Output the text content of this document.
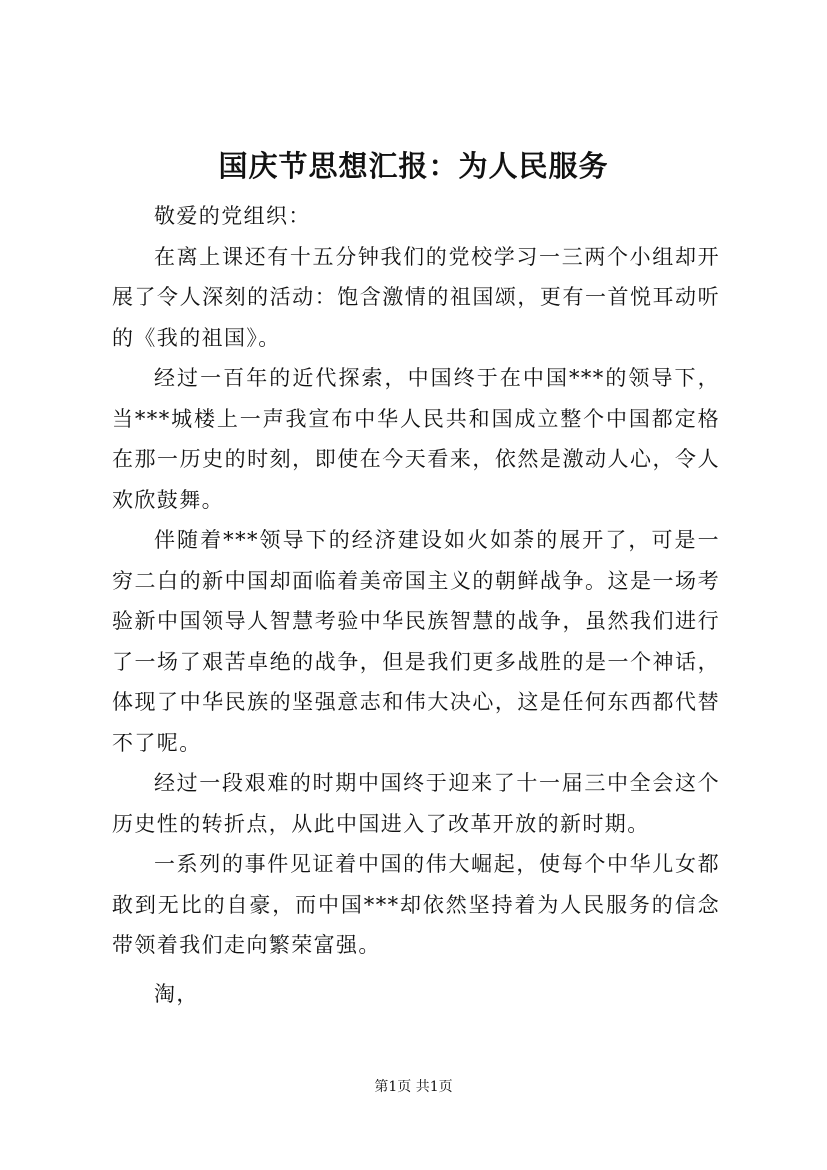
国庆节思想汇报：为人民服务

敬爱的党组织：

在离上课还有十五分钟我们的党校学习一三两个小组却开展了令人深刻的活动：饱含激情的祖国颂，更有一首悦耳动听的《我的祖国》。

经过一百年的近代探索，中国终于在中国***的领导下，当***城楼上一声我宣布中华人民共和国成立整个中国都定格在那一历史的时刻，即使在今天看来，依然是激动人心，令人欢欣鼓舞。

伴随着***领导下的经济建设如火如荼的展开了，可是一穷二白的新中国却面临着美帝国主义的朝鲜战争。这是一场考验新中国领导人智慧考验中华民族智慧的战争，虽然我们进行了一场了艰苦卓绝的战争，但是我们更多战胜的是一个神话，体现了中华民族的坚强意志和伟大决心，这是任何东西都代替不了呢。

经过一段艰难的时期中国终于迎来了十一届三中全会这个历史性的转折点，从此中国进入了改革开放的新时期。

一系列的事件见证着中国的伟大崛起，使每个中华儿女都敢到无比的自豪，而中国***却依然坚持着为人民服务的信念带领着我们走向繁荣富强。

淘，

第1页 共1页
